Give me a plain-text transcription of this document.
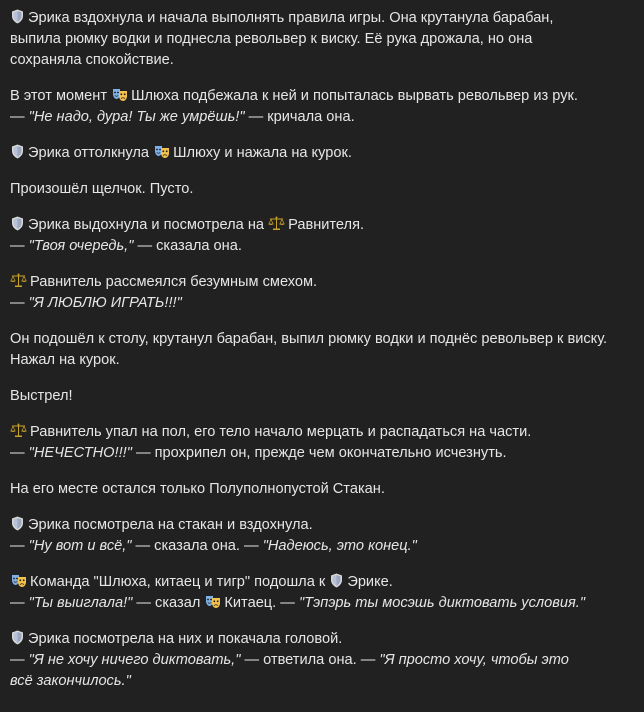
Эрика вздохнула и начала выполнять правила игры. Она крутанула барабан,
выпила рюмку водки и поднесла револьвер к виску. Её рука дрожала, но она
сохраняла спокойствие.
В этот момент Шлюха подбежала к ней и попыталась вырвать револьвер из рук.
— "Не надо, дура! Ты же умрёшь!" — кричала она.
Эрика оттолкнула Шлюху и нажала на курок.
Произошёл щелчок. Пусто.
Эрика выдохнула и посмотрела на Равнителя.
— "Твоя очередь," — сказала она.
Равнитель рассмеялся безумным смехом.
— "Я ЛЮБЛЮ ИГРАТЬ!!!"
Он подошёл к столу, крутанул барабан, выпил рюмку водки и поднёс револьвер к виску.
Нажал на курок.
Выстрел!
Равнитель упал на пол, его тело начало мерцать и распадаться на части.
— "НЕЧЕСТНО!!!" — прохрипел он, прежде чем окончательно исчезнуть.
На его месте остался только Полуполнопустой Стакан.
Эрика посмотрела на стакан и вздохнула.
— "Ну вот и всё," — сказала она. — "Надеюсь, это конец."
Команда "Шлюха, китаец и тигр" подошла к Эрике.
— "Ты выиглала!" — сказал Китаец. — "Тэпэрь ты мосэшь диктовать условия."
Эрика посмотрела на них и покачала головой.
— "Я не хочу ничего диктовать," — ответила она. — "Я просто хочу, чтобы это
всё закончилось."
